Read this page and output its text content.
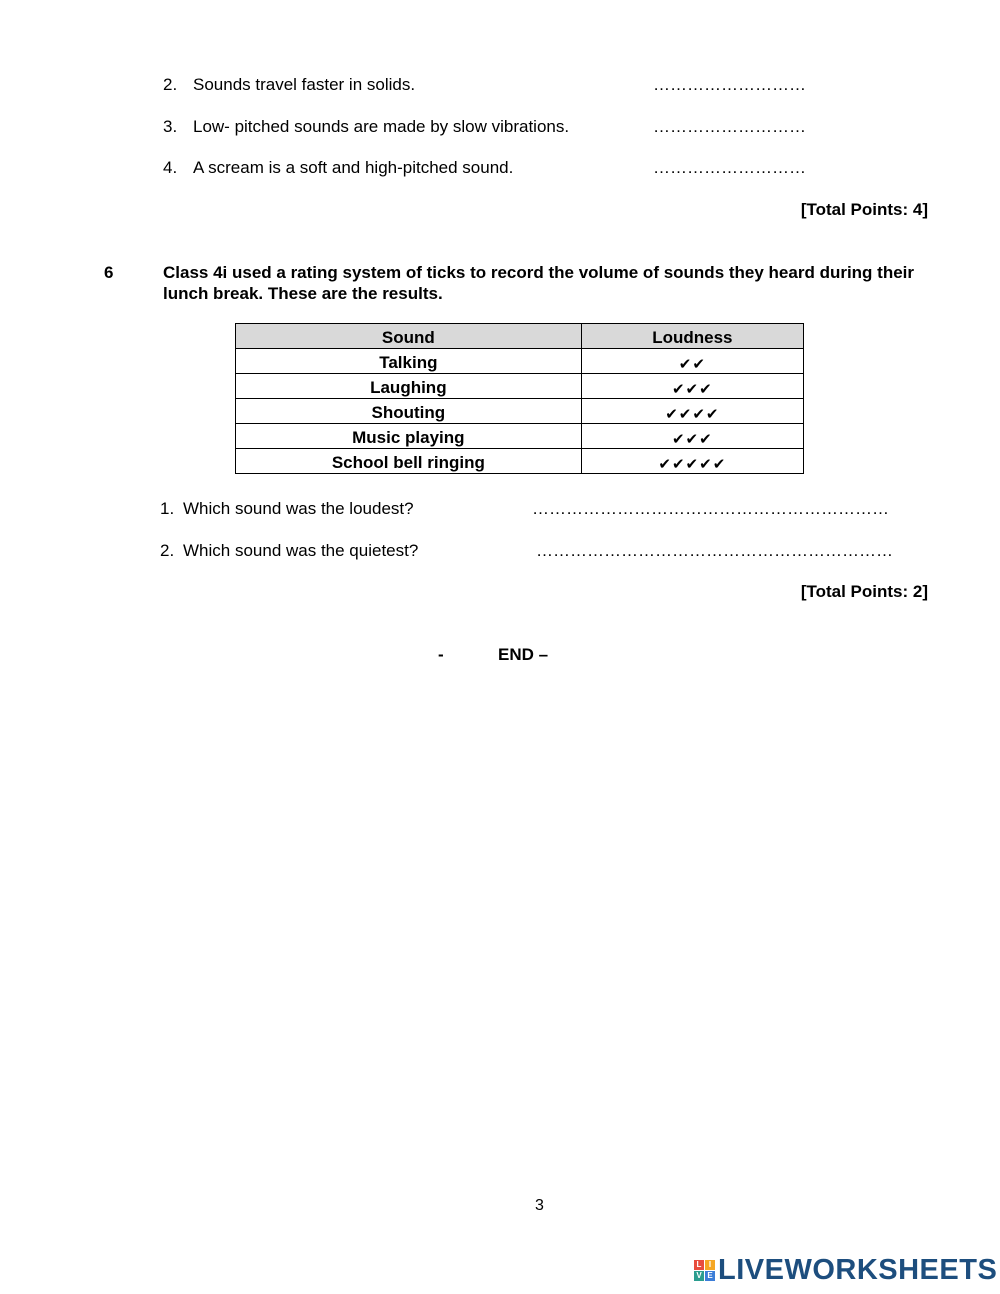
2. Sounds travel faster in solids.	………………………
3. Low- pitched sounds are made by slow vibrations.	………………………
4. A scream is a soft and high-pitched sound.	………………………
[Total Points: 4]
6	Class 4i used a rating system of ticks to record the volume of sounds they heard during their lunch break. These are the results.
Sound	Loudness
Talking	✔✔
Laughing	✔✔✔
Shouting	✔✔✔✔
Music playing	✔✔✔
School bell ringing	✔✔✔✔✔
1. Which sound was the loudest?	………………………………………………………
2. Which sound was the quietest?	………………………………………………………
[Total Points: 2]
-	END –
3
L I
V E LIVEWORKSHEETS
